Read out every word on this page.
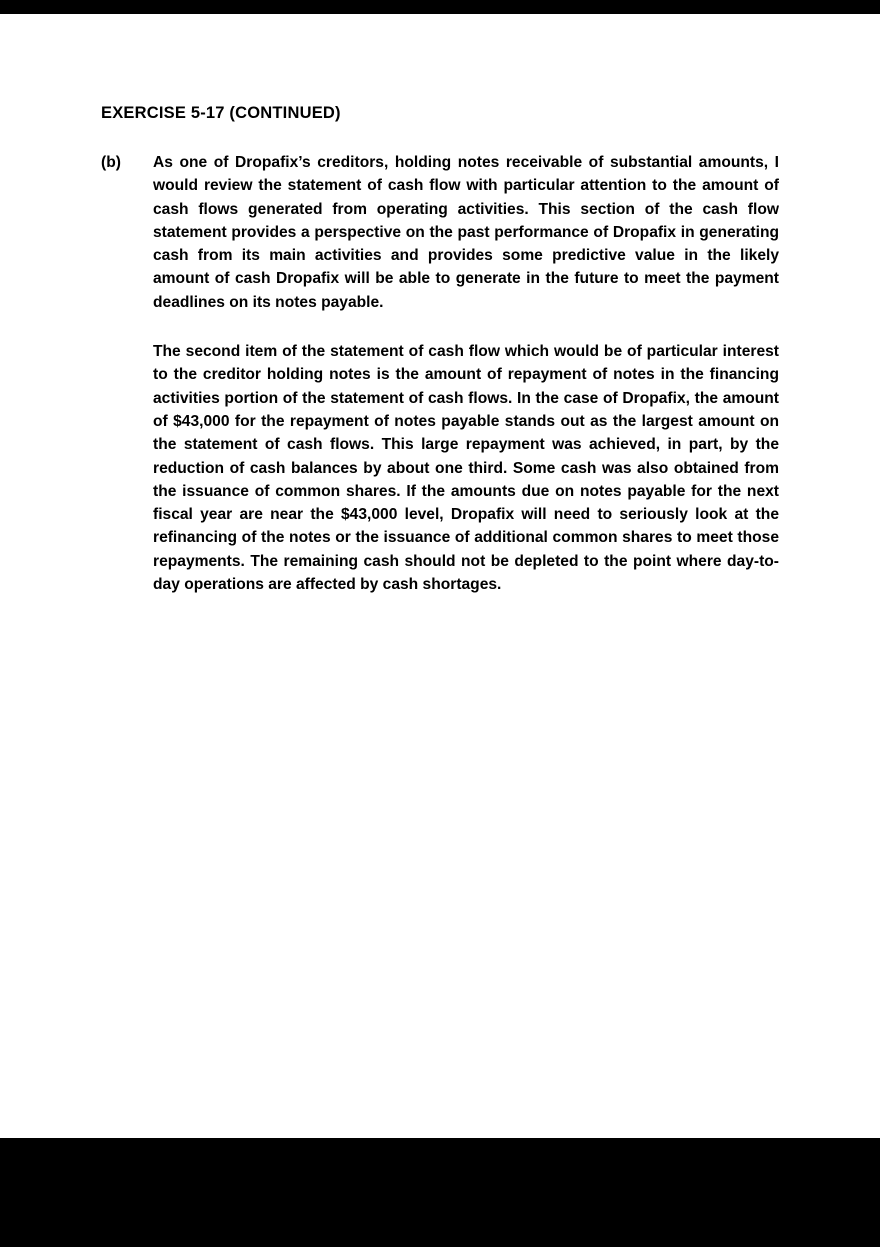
EXERCISE 5-17 (CONTINUED)
(b)	As one of Dropafix’s creditors, holding notes receivable of substantial amounts, I would review the statement of cash flow with particular attention to the amount of cash flows generated from operating activities. This section of the cash flow statement provides a perspective on the past performance of Dropafix in generating cash from its main activities and provides some predictive value in the likely amount of cash Dropafix will be able to generate in the future to meet the payment deadlines on its notes payable.
The second item of the statement of cash flow which would be of particular interest to the creditor holding notes is the amount of repayment of notes in the financing activities portion of the statement of cash flows. In the case of Dropafix, the amount of $43,000 for the repayment of notes payable stands out as the largest amount on the statement of cash flows. This large repayment was achieved, in part, by the reduction of cash balances by about one third. Some cash was also obtained from the issuance of common shares. If the amounts due on notes payable for the next fiscal year are near the $43,000 level, Dropafix will need to seriously look at the refinancing of the notes or the issuance of additional common shares to meet those repayments. The remaining cash should not be depleted to the point where day-to-day operations are affected by cash shortages.
